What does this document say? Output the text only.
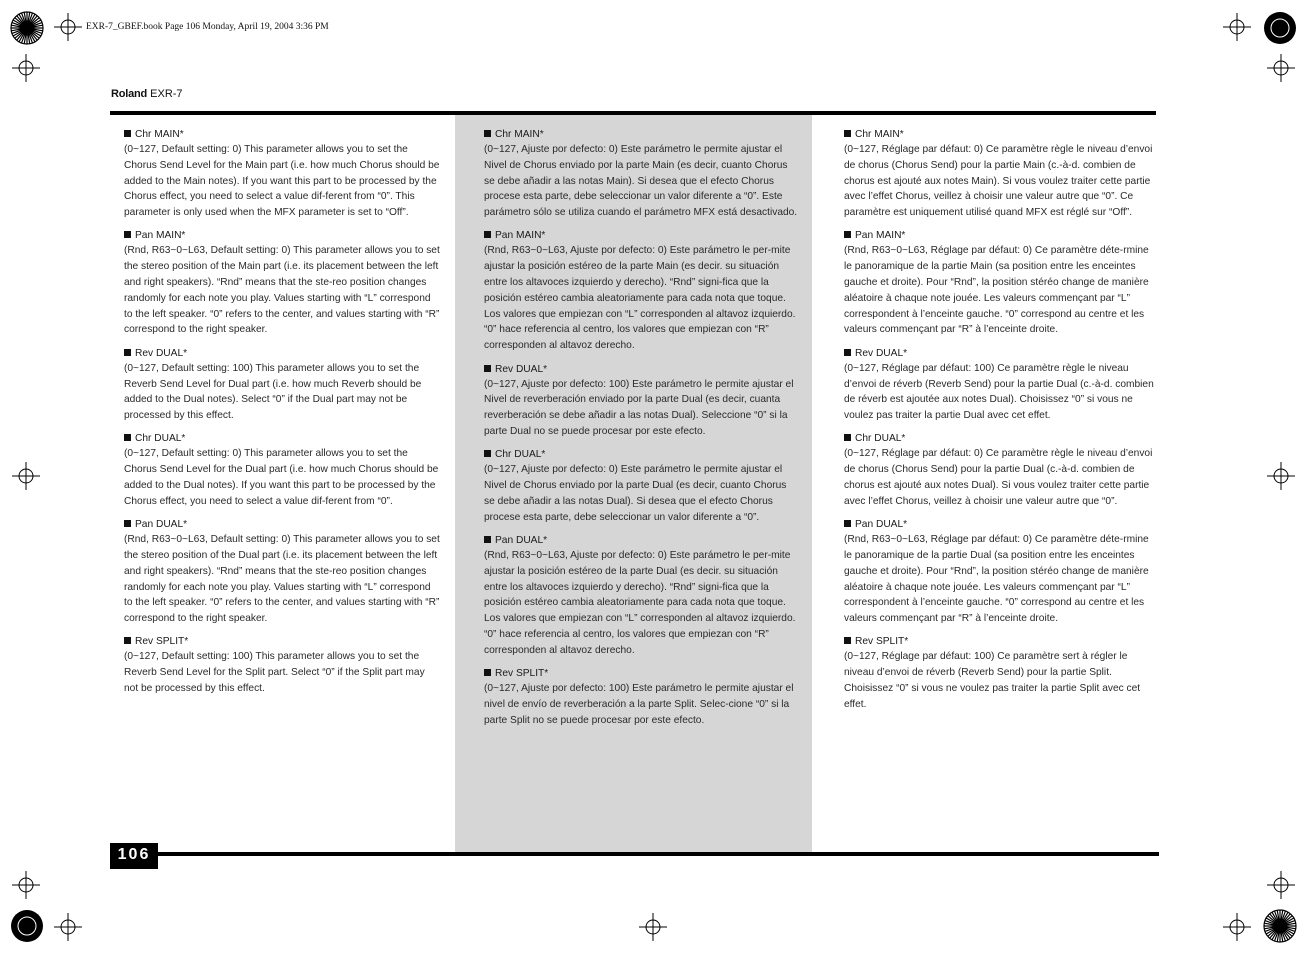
EXR-7_GBEF.book Page 106 Monday, April 19, 2004 3:36 PM
Roland EXR-7
Chr MAIN*

(0~127, Default setting: 0) This parameter allows you to set the Chorus Send Level for the Main part (i.e. how much Chorus should be added to the Main notes). If you want this part to be processed by the Chorus effect, you need to select a value dif-ferent from “0”. This parameter is only used when the MFX parameter is set to “Off”.

Pan MAIN*

(Rnd, R63~0~L63, Default setting: 0) This parameter allows you to set the stereo position of the Main part (i.e. its placement between the left and right speakers). “Rnd” means that the ste-reo position changes randomly for each note you play. Values starting with “L” correspond to the left speaker. “0” refers to the center, and values starting with “R” correspond to the right speaker.

Rev DUAL*

(0~127, Default setting: 100) This parameter allows you to set the Reverb Send Level for Dual part (i.e. how much Reverb should be added to the Dual notes). Select “0” if the Dual part may not be processed by this effect.

Chr DUAL*

(0~127, Default setting: 0) This parameter allows you to set the Chorus Send Level for the Dual part (i.e. how much Chorus should be added to the Dual notes). If you want this part to be processed by the Chorus effect, you need to select a value dif-ferent from “0”.

Pan DUAL*

(Rnd, R63~0~L63, Default setting: 0) This parameter allows you to set the stereo position of the Dual part (i.e. its placement between the left and right speakers). “Rnd” means that the ste-reo position changes randomly for each note you play. Values starting with “L” correspond to the left speaker. “0” refers to the center, and values starting with “R” correspond to the right speaker.

Rev SPLIT*

(0~127, Default setting: 100) This parameter allows you to set the Reverb Send Level for the Split part. Select “0” if the Split part may not be processed by this effect.

Chr MAIN*

(0~127, Ajuste por defecto: 0) Este parámetro le permite ajustar el Nivel de Chorus enviado por la parte Main (es decir, cuanto Chorus se debe añadir a las notas Main). Si desea que el efecto Chorus procese esta parte, debe seleccionar un valor diferente a “0”. Este parámetro sólo se utiliza cuando el parámetro MFX está desactivado.

Pan MAIN*

(Rnd, R63~0~L63, Ajuste por defecto: 0) Este parámetro le per-mite ajustar la posición estéreo de la parte Main (es decir. su situación entre los altavoces izquierdo y derecho). “Rnd” signi-fica que la posición estéreo cambia aleatoriamente para cada nota que toque. Los valores que empiezan con “L” corresponden al altavoz izquierdo. “0” hace referencia al centro, los valores que empiezan con “R” corresponden al altavoz derecho.

Rev DUAL*

(0~127, Ajuste por defecto: 100) Este parámetro le permite ajustar el Nivel de reverberación enviado por la parte Dual (es decir, cuanta reverberación se debe añadir a las notas Dual). Seleccione “0” si la parte Dual no se puede procesar por este efecto.

Chr DUAL*

(0~127, Ajuste por defecto: 0) Este parámetro le permite ajustar el Nivel de Chorus enviado por la parte Dual (es decir, cuanto Chorus se debe añadir a las notas Dual). Si desea que el efecto Chorus procese esta parte, debe seleccionar un valor diferente a “0”.

Pan DUAL*

(Rnd, R63~0~L63, Ajuste por defecto: 0) Este parámetro le per-mite ajustar la posición estéreo de la parte Dual (es decir. su situación entre los altavoces izquierdo y derecho). “Rnd” signi-fica que la posición estéreo cambia aleatoriamente para cada nota que toque. Los valores que empiezan con “L” corresponden al altavoz izquierdo. “0” hace referencia al centro, los valores que empiezan con “R” corresponden al altavoz derecho.

Rev SPLIT*

(0~127, Ajuste por defecto: 100) Este parámetro le permite ajustar el nivel de envío de reverberación a la parte Split. Selec-cione “0” si la parte Split no se puede procesar por este efecto.

Chr MAIN*

(0~127, Réglage par défaut: 0) Ce paramètre règle le niveau d’envoi de chorus (Chorus Send) pour la partie Main (c.-à-d. combien de chorus est ajouté aux notes Main). Si vous voulez traiter cette partie avec l’effet Chorus, veillez à choisir une valeur autre que “0”. Ce paramètre est uniquement utilisé quand MFX est réglé sur “Off”.

Pan MAIN*

(Rnd, R63~0~L63, Réglage par défaut: 0) Ce paramètre déte-rmine le panoramique de la partie Main (sa position entre les enceintes gauche et droite). Pour “Rnd”, la position stéréo change de manière aléatoire à chaque note jouée. Les valeurs commençant par “L” correspondent à l’enceinte gauche. “0” correspond au centre et les valeurs commençant par “R” à l’enceinte droite.

Rev DUAL*

(0~127, Réglage par défaut: 100) Ce paramètre règle le niveau d’envoi de réverb (Reverb Send) pour la partie Dual (c.-à-d. combien de réverb est ajoutée aux notes Dual). Choisissez “0” si vous ne voulez pas traiter la partie Dual avec cet effet.

Chr DUAL*

(0~127, Réglage par défaut: 0) Ce paramètre règle le niveau d’envoi de chorus (Chorus Send) pour la partie Dual (c.-à-d. combien de chorus est ajouté aux notes Dual). Si vous voulez traiter cette partie avec l’effet Chorus, veillez à choisir une valeur autre que “0”.

Pan DUAL*

(Rnd, R63~0~L63, Réglage par défaut: 0) Ce paramètre déte-rmine le panoramique de la partie Dual (sa position entre les enceintes gauche et droite). Pour “Rnd”, la position stéréo change de manière aléatoire à chaque note jouée. Les valeurs commençant par “L” correspondent à l’enceinte gauche. “0” correspond au centre et les valeurs commençant par “R” à l’enceinte droite.

Rev SPLIT*

(0~127, Réglage par défaut: 100) Ce paramètre sert à régler le niveau d’envoi de réverb (Reverb Send) pour la partie Split. Choisissez “0” si vous ne voulez pas traiter la partie Split avec cet effet.

106
